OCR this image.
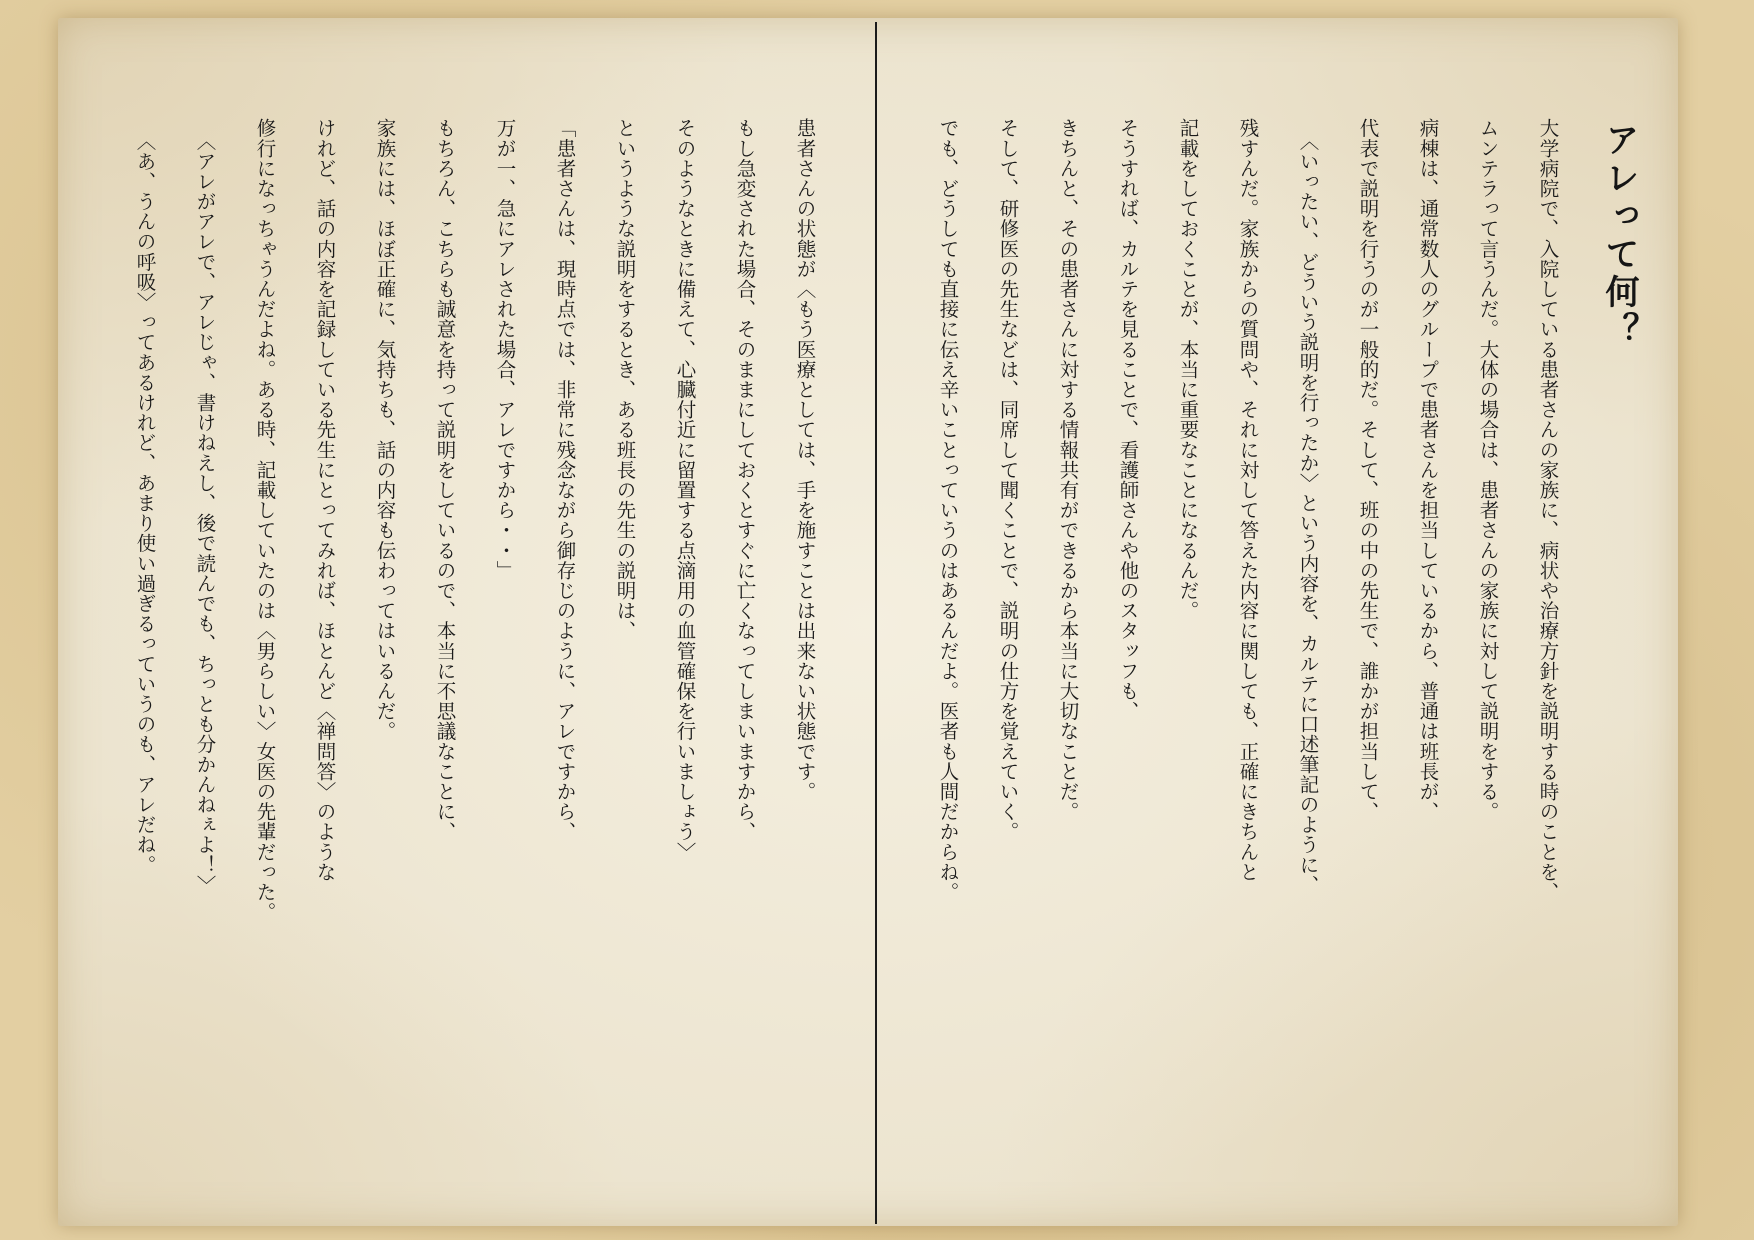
アレって何？

大学病院で、入院している患者さんの家族に、病状や治療方針を説明する時のことを、

ムンテラって言うんだ。大体の場合は、患者さんの家族に対して説明をする。

病棟は、通常数人のグループで患者さんを担当しているから、普通は班長が、

代表で説明を行うのが一般的だ。そして、班の中の先生で、誰かが担当して、

〈いったい、どういう説明を行ったか〉という内容を、カルテに口述筆記のように、

残すんだ。家族からの質問や、それに対して答えた内容に関しても、正確にきちんと

記載をしておくことが、本当に重要なことになるんだ。

そうすれば、カルテを見ることで、看護師さんや他のスタッフも、

きちんと、その患者さんに対する情報共有ができるから本当に大切なことだ。

そして、研修医の先生などは、同席して聞くことで、説明の仕方を覚えていく。

でも、どうしても直接に伝え辛いことっていうのはあるんだよ。医者も人間だからね。

患者さんの状態が〈もう医療としては、手を施すことは出来ない状態です。

もし急変された場合、そのままにしておくとすぐに亡くなってしまいますから、

そのようなときに備えて、心臓付近に留置する点滴用の血管確保を行いましょう〉

というような説明をするとき、ある班長の先生の説明は、

「患者さんは、現時点では、非常に残念ながら御存じのように、アレですから、

万が一、急にアレされた場合、アレですから・・」

もちろん、こちらも誠意を持って説明をしているので、本当に不思議なことに、

家族には、ほぼ正確に、気持ちも、話の内容も伝わってはいるんだ。

けれど、話の内容を記録している先生にとってみれば、ほとんど〈禅問答〉のような

修行になっちゃうんだよね。ある時、記載していたのは〈男らしい〉女医の先輩だった。

〈アレがアレで、アレじゃ、書けねえし、後で読んでも、ちっとも分かんねぇよ！〉

〈あ、うんの呼吸〉ってあるけれど、あまり使い過ぎるっていうのも、アレだね。
